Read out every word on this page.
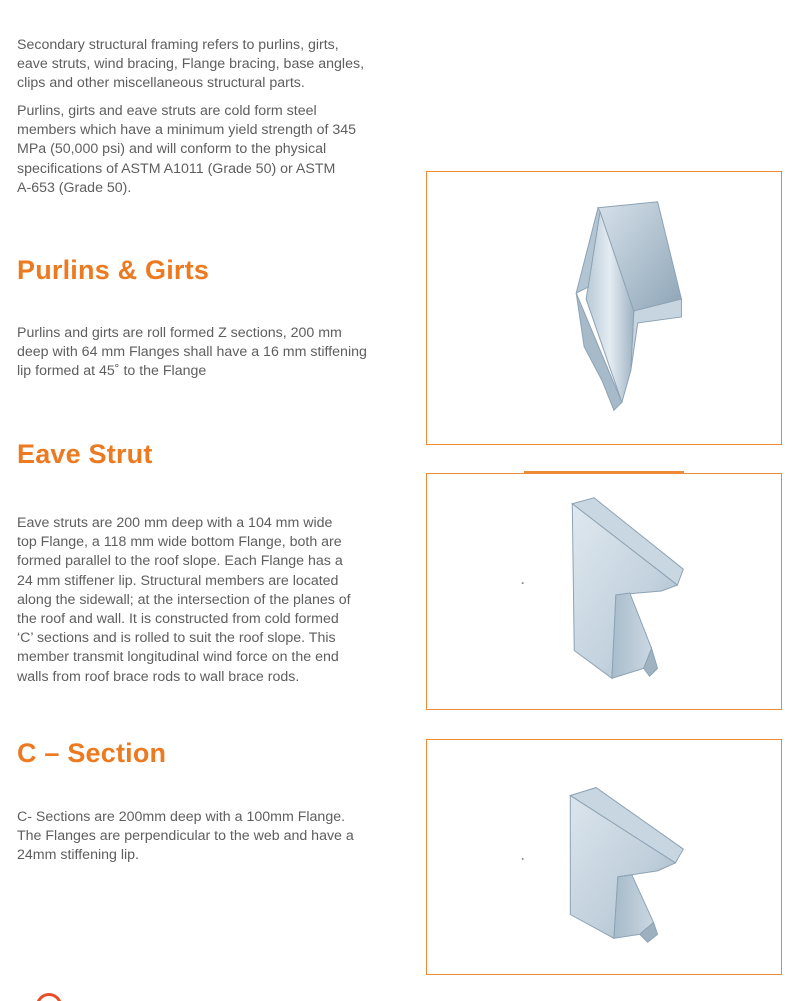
Secondary structural framing refers to purlins, girts,
eave struts, wind bracing, Flange bracing, base angles,
clips and other miscellaneous structural parts.

Purlins, girts and eave struts are cold form steel
members which have a minimum yield strength of 345
MPa (50,000 psi) and will conform to the physical
specifications of ASTM A1011 (Grade 50) or ASTM
A-653 (Grade 50).

Purlins & Girts

Purlins and girts are roll formed Z sections, 200 mm
deep with 64 mm Flanges shall have a 16 mm stiffening
lip formed at 45˚ to the Flange

Eave Strut

Eave struts are 200 mm deep with a 104 mm wide
top Flange, a 118 mm wide bottom Flange, both are
formed parallel to the roof slope. Each Flange has a
24 mm stiffener lip. Structural members are located
along the sidewall; at the intersection of the planes of
the roof and wall. It is constructed from cold formed
‘C’ sections and is rolled to suit the roof slope. This
member transmit longitudinal wind force on the end
walls from roof brace rods to wall brace rods.

C – Section

C- Sections are 200mm deep with a 100mm Flange.
The Flanges are perpendicular to the web and have a
24mm stiffening lip.
